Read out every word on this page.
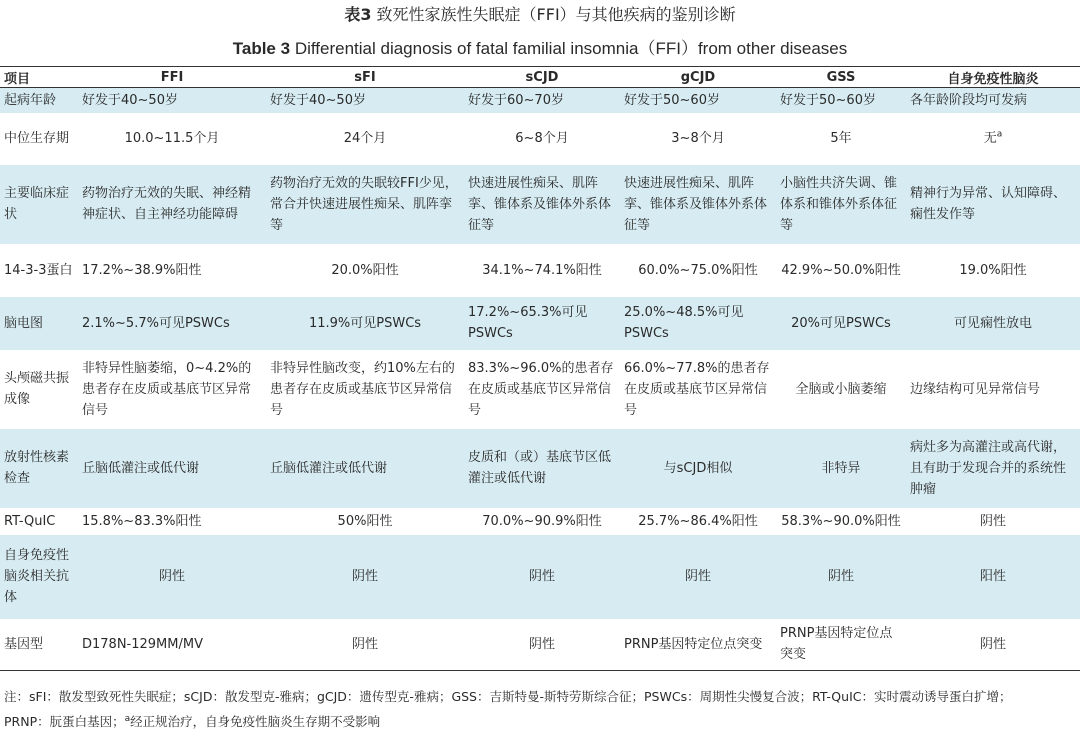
表3 致死性家族性失眠症（FFI）与其他疾病的鉴别诊断
Table 3 Differential diagnosis of fatal familial insomnia（FFI）from other diseases
项目	FFI	sFI	sCJD	gCJD	GSS	自身免疫性脑炎
起病年龄	好发于40~50岁	好发于40~50岁	好发于60~70岁	好发于50~60岁	好发于50~60岁	各年龄阶段均可发病
中位生存期	10.0~11.5个月	24个月	6~8个月	3~8个月	5年	无$^a$
主要临床症状	药物治疗无效的失眠、神经精神症状、自主神经功能障碍	药物治疗无效的失眠较FFI少见，常合并快速进展性痴呆、肌阵挛等	快速进展性痴呆、肌阵挛、锥体系及锥体外系体征等	快速进展性痴呆、肌阵挛、锥体系及锥体外系体征等	小脑性共济失调、锥体系和锥体外系体征等	精神行为异常、认知障碍、痫性发作等
14-3-3蛋白	17.2%~38.9%阳性	20.0%阳性	34.1%~74.1%阳性	60.0%~75.0%阳性	42.9%~50.0%阳性	19.0%阳性
脑电图	2.1%~5.7%可见PSWCs	11.9%可见PSWCs	17.2%~65.3%可见PSWCs	25.0%~48.5%可见PSWCs	20%可见PSWCs	可见痫性放电
头颅磁共振成像	非特异性脑萎缩，0~4.2%的患者存在皮质或基底节区异常信号	非特异性脑改变，约10%左右的患者存在皮质或基底节区异常信号	83.3%~96.0%的患者存在皮质或基底节区异常信号	66.0%~77.8%的患者存在皮质或基底节区异常信号	全脑或小脑萎缩	边缘结构可见异常信号
放射性核素检查	丘脑低灌注或低代谢	丘脑低灌注或低代谢	皮质和（或）基底节区低灌注或低代谢	与sCJD相似	非特异	病灶多为高灌注或高代谢，且有助于发现合并的系统性肿瘤
RT-QuIC	15.8%~83.3%阳性	50%阳性	70.0%~90.9%阳性	25.7%~86.4%阳性	58.3%~90.0%阳性	阴性
自身免疫性脑炎相关抗体	阴性	阴性	阴性	阴性	阴性	阳性
基因型	D178N-129MM/MV	阴性	阴性	PRNP基因特定位点突变	PRNP基因特定位点突变	阴性
注：sFI：散发型致死性失眠症；sCJD：散发型克-雅病；gCJD：遗传型克-雅病；GSS：吉斯特曼-斯特劳斯综合征；PSWCs：周期性尖慢复合波；RT-QuIC：实时震动诱导蛋白扩增；
PRNP：朊蛋白基因；$^a$经正规治疗，自身免疫性脑炎生存期不受影响
